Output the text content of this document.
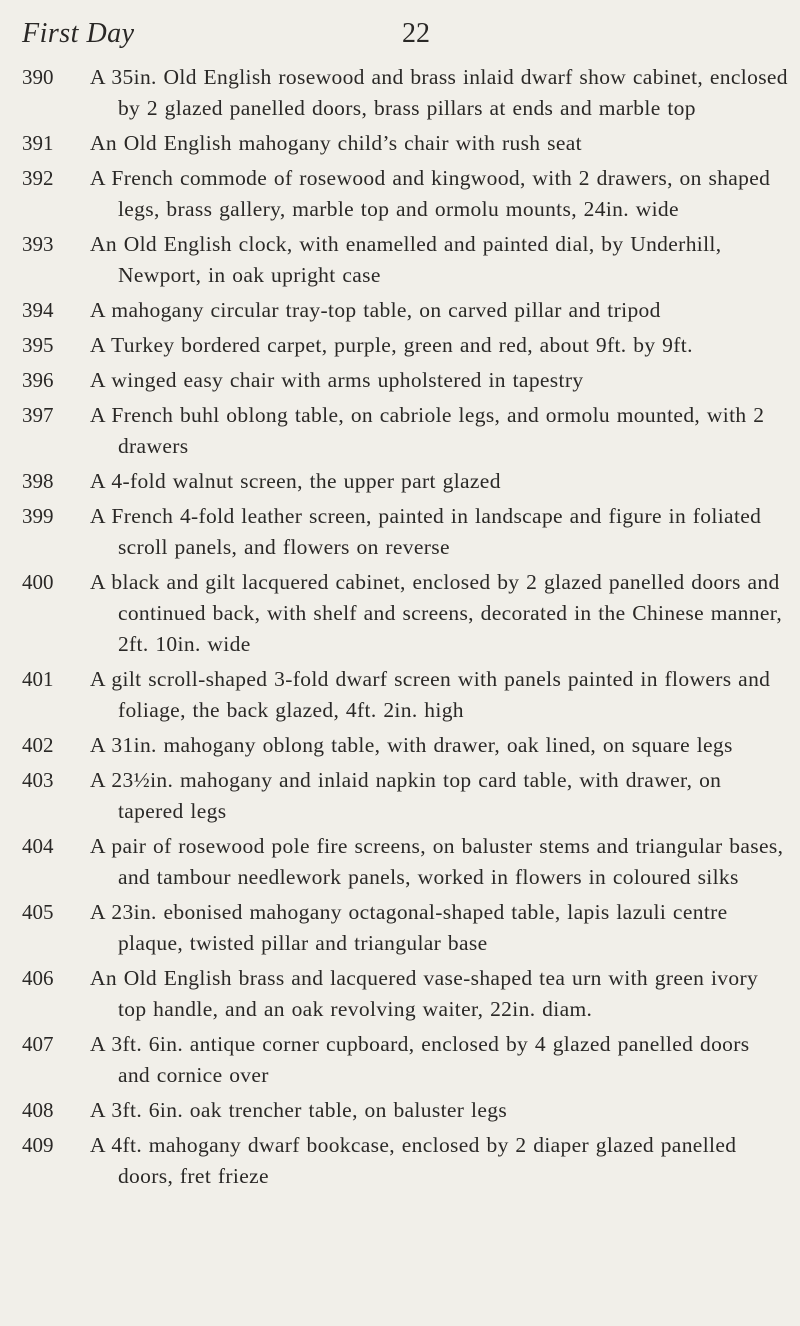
First Day	22
390	A 35in. Old English rosewood and brass inlaid dwarf show cabinet, enclosed by 2 glazed panelled doors, brass pillars at ends and marble top
391	An Old English mahogany child’s chair with rush seat
392	A French commode of rosewood and kingwood, with 2 drawers, on shaped legs, brass gallery, marble top and ormolu mounts, 24in. wide
393	An Old English clock, with enamelled and painted dial, by Underhill, Newport, in oak upright case
394	A mahogany circular tray-top table, on carved pillar and tripod
395	A Turkey bordered carpet, purple, green and red, about 9ft. by 9ft.
396	A winged easy chair with arms upholstered in tapestry
397	A French buhl oblong table, on cabriole legs, and ormolu mounted, with 2 drawers
398	A 4-fold walnut screen, the upper part glazed
399	A French 4-fold leather screen, painted in landscape and figure in foliated scroll panels, and flowers on reverse
400	A black and gilt lacquered cabinet, enclosed by 2 glazed panelled doors and continued back, with shelf and screens, decorated in the Chinese manner, 2ft. 10in. wide
401	A gilt scroll-shaped 3-fold dwarf screen with panels painted in flowers and foliage, the back glazed, 4ft. 2in. high
402	A 31in. mahogany oblong table, with drawer, oak lined, on square legs
403	A 23½in. mahogany and inlaid napkin top card table, with drawer, on tapered legs
404	A pair of rosewood pole fire screens, on baluster stems and triangular bases, and tambour needlework panels, worked in flowers in coloured silks
405	A 23in. ebonised mahogany octagonal-shaped table, lapis lazuli centre plaque, twisted pillar and triangular base
406	An Old English brass and lacquered vase-shaped tea urn with green ivory top handle, and an oak revolving waiter, 22in. diam.
407	A 3ft. 6in. antique corner cupboard, enclosed by 4 glazed panelled doors and cornice over
408	A 3ft. 6in. oak trencher table, on baluster legs
409	A 4ft. mahogany dwarf bookcase, enclosed by 2 diaper glazed panelled doors, fret frieze
